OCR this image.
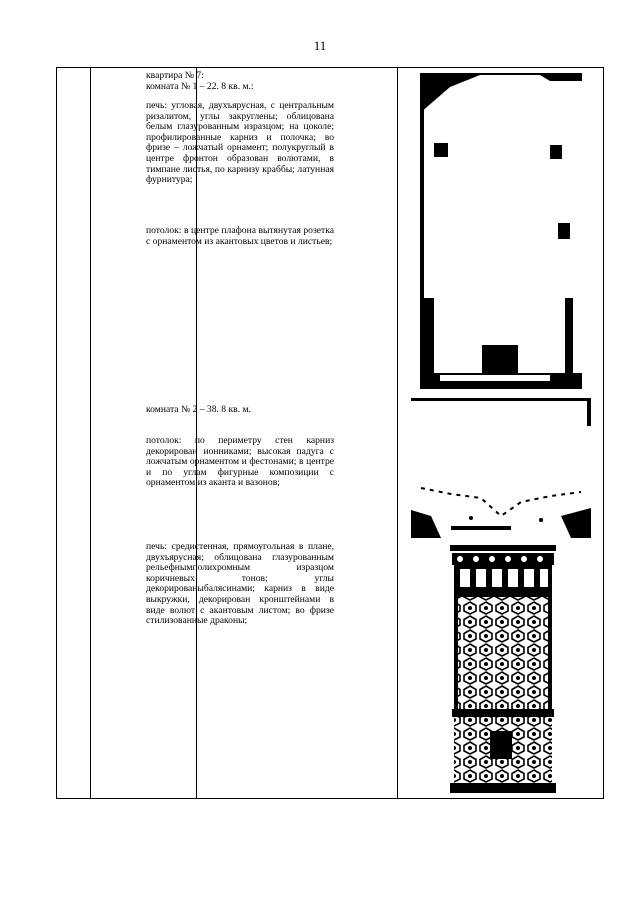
11
квартира № 7:
комната № 1 – 22. 8 кв. м.:
печь: угловая, двухъярусная, с центральным ризалитом, углы закруглены; облицована белым глазурованным изразцом; на цоколе; профилированные карниз и полочка; во фризе – ложчатый орнамент; полукруглый в центре фронтон образован волютами, в тимпане листья, по карнизу краббы; латунная фурнитура;
потолок: в центре плафона вытянутая розетка с орнаментом из акантовых цветов и листьев;
комната № 2 – 38. 8 кв. м.
потолок: по периметру стен карниз декорирован ионниками; высокая падуга с ложчатым орнаментом и фестонами; в центре и по углам фигурные композиции с орнаментом из аканта и вазонов;
печь: средистенная, прямоугольная в плане, двухъярусная; облицована глазурованным рельефнымполихромным изразцом коричневых тонов; углы декорированыбалясинами; карниз в виде выкружки, декорирован кронштейнами в виде волют с акантовым листом; во фризе стилизованные драконы;
